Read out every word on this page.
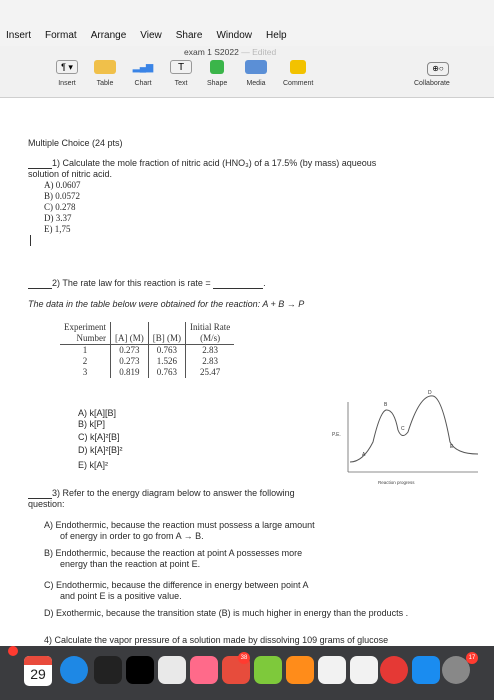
Insert Format Arrange View Share Window Help
exam 1 S2022 — Edited
¶ ▾
Insert	Table
▂▄▆
Chart
T
Text	Shape	Media Comment
⊕○
Collaborate
Multiple Choice (24 pts)
1) Calculate the mole fraction of nitric acid (HNO₃) of a 17.5% (by mass) aqueous
solution of nitric acid.
A) 0.0607
B) 0.0572
C) 0.278
D) 3.37
E) 1,75
2) The rate law for this reaction is rate =	.
The data in the table below were obtained for the reaction: A + B → P
Experiment			Initial Rate
Number	[A] (M)	[B] (M)	(M/s)
1	0.273	0.763	2.83
2	0.273	1.526	2.83
3	0.819	0.763	25.47
A) k[A][B]
B) k[P]
C) k[A]²[B]
D) k[A]²[B]²
E) k[A]²
3) Refer to the energy diagram below to answer the following
question:
A) Endothermic, because the reaction must possess a large amount
of energy in order to go from A → B.
B) Endothermic, because the reaction at point A possesses more
energy than the reaction at point E.
C) Endothermic, because the difference in energy between point A
and point E is a positive value.
D) Exothermic, because the transition state (B) is much higher in energy than the products .
4) Calculate the vapor pressure of a solution made by dissolving 109 grams of glucose
P.E.
Reaction progress
A
B
C
D
E
29
38	17
